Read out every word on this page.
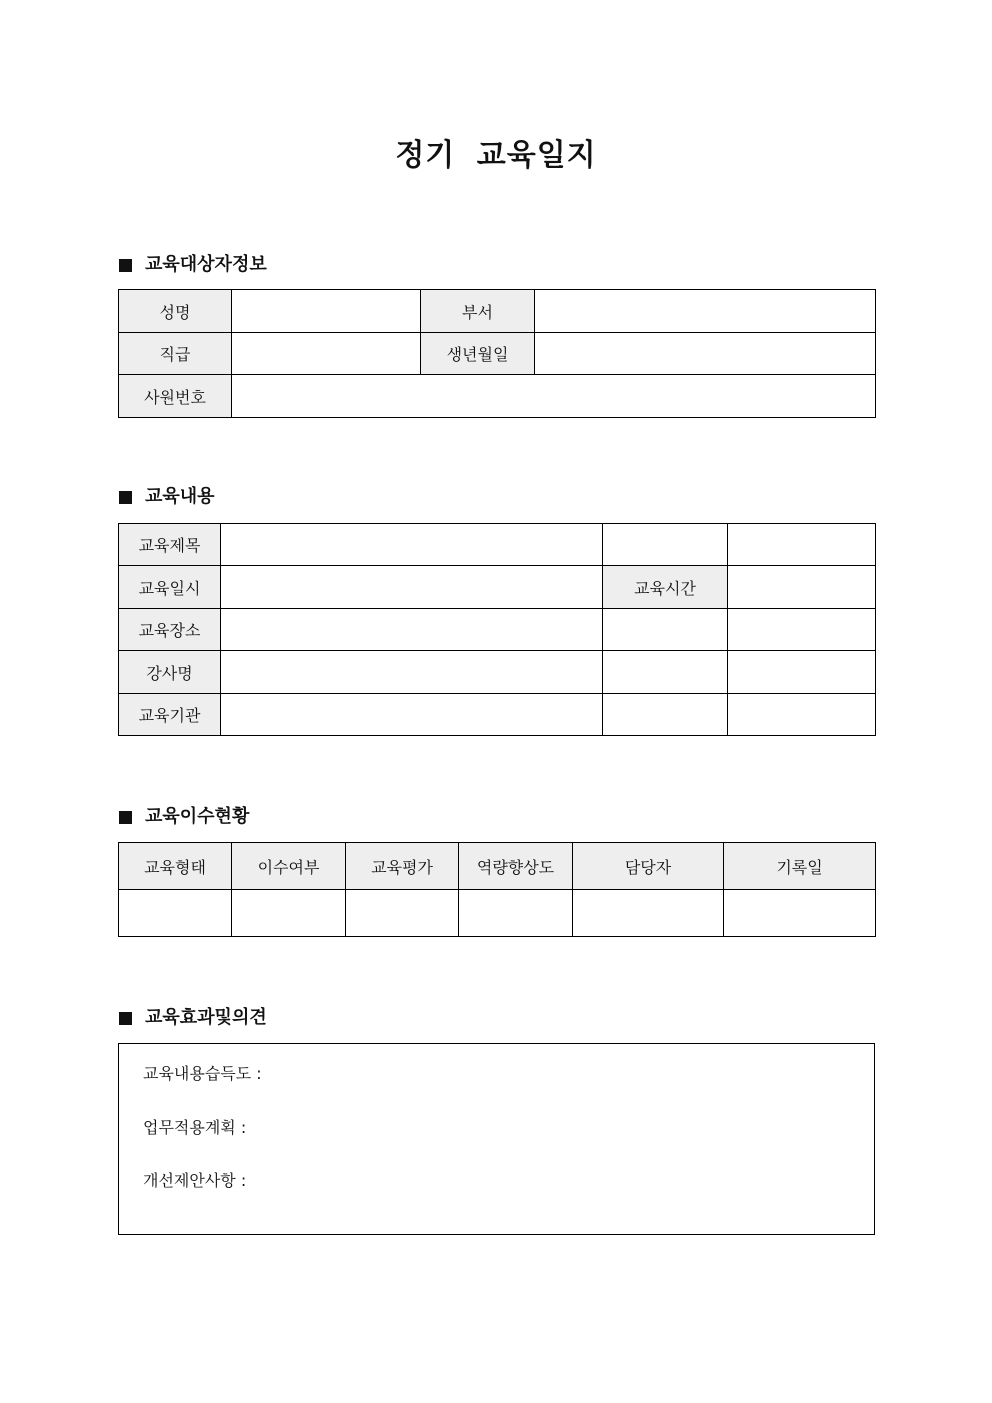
정기 교육일지
교육대상자정보
성명		부서	
직급		생년월일	
사원번호			
교육내용
교육제목			
교육일시		교육시간	
교육장소			
강사명			
교육기관			
교육이수현황
교육형태	이수여부	교육평가	역량향상도	담당자	기록일

교육효과및의견
교육내용습득도 :
업무적용계획 :
개선제안사항 :
